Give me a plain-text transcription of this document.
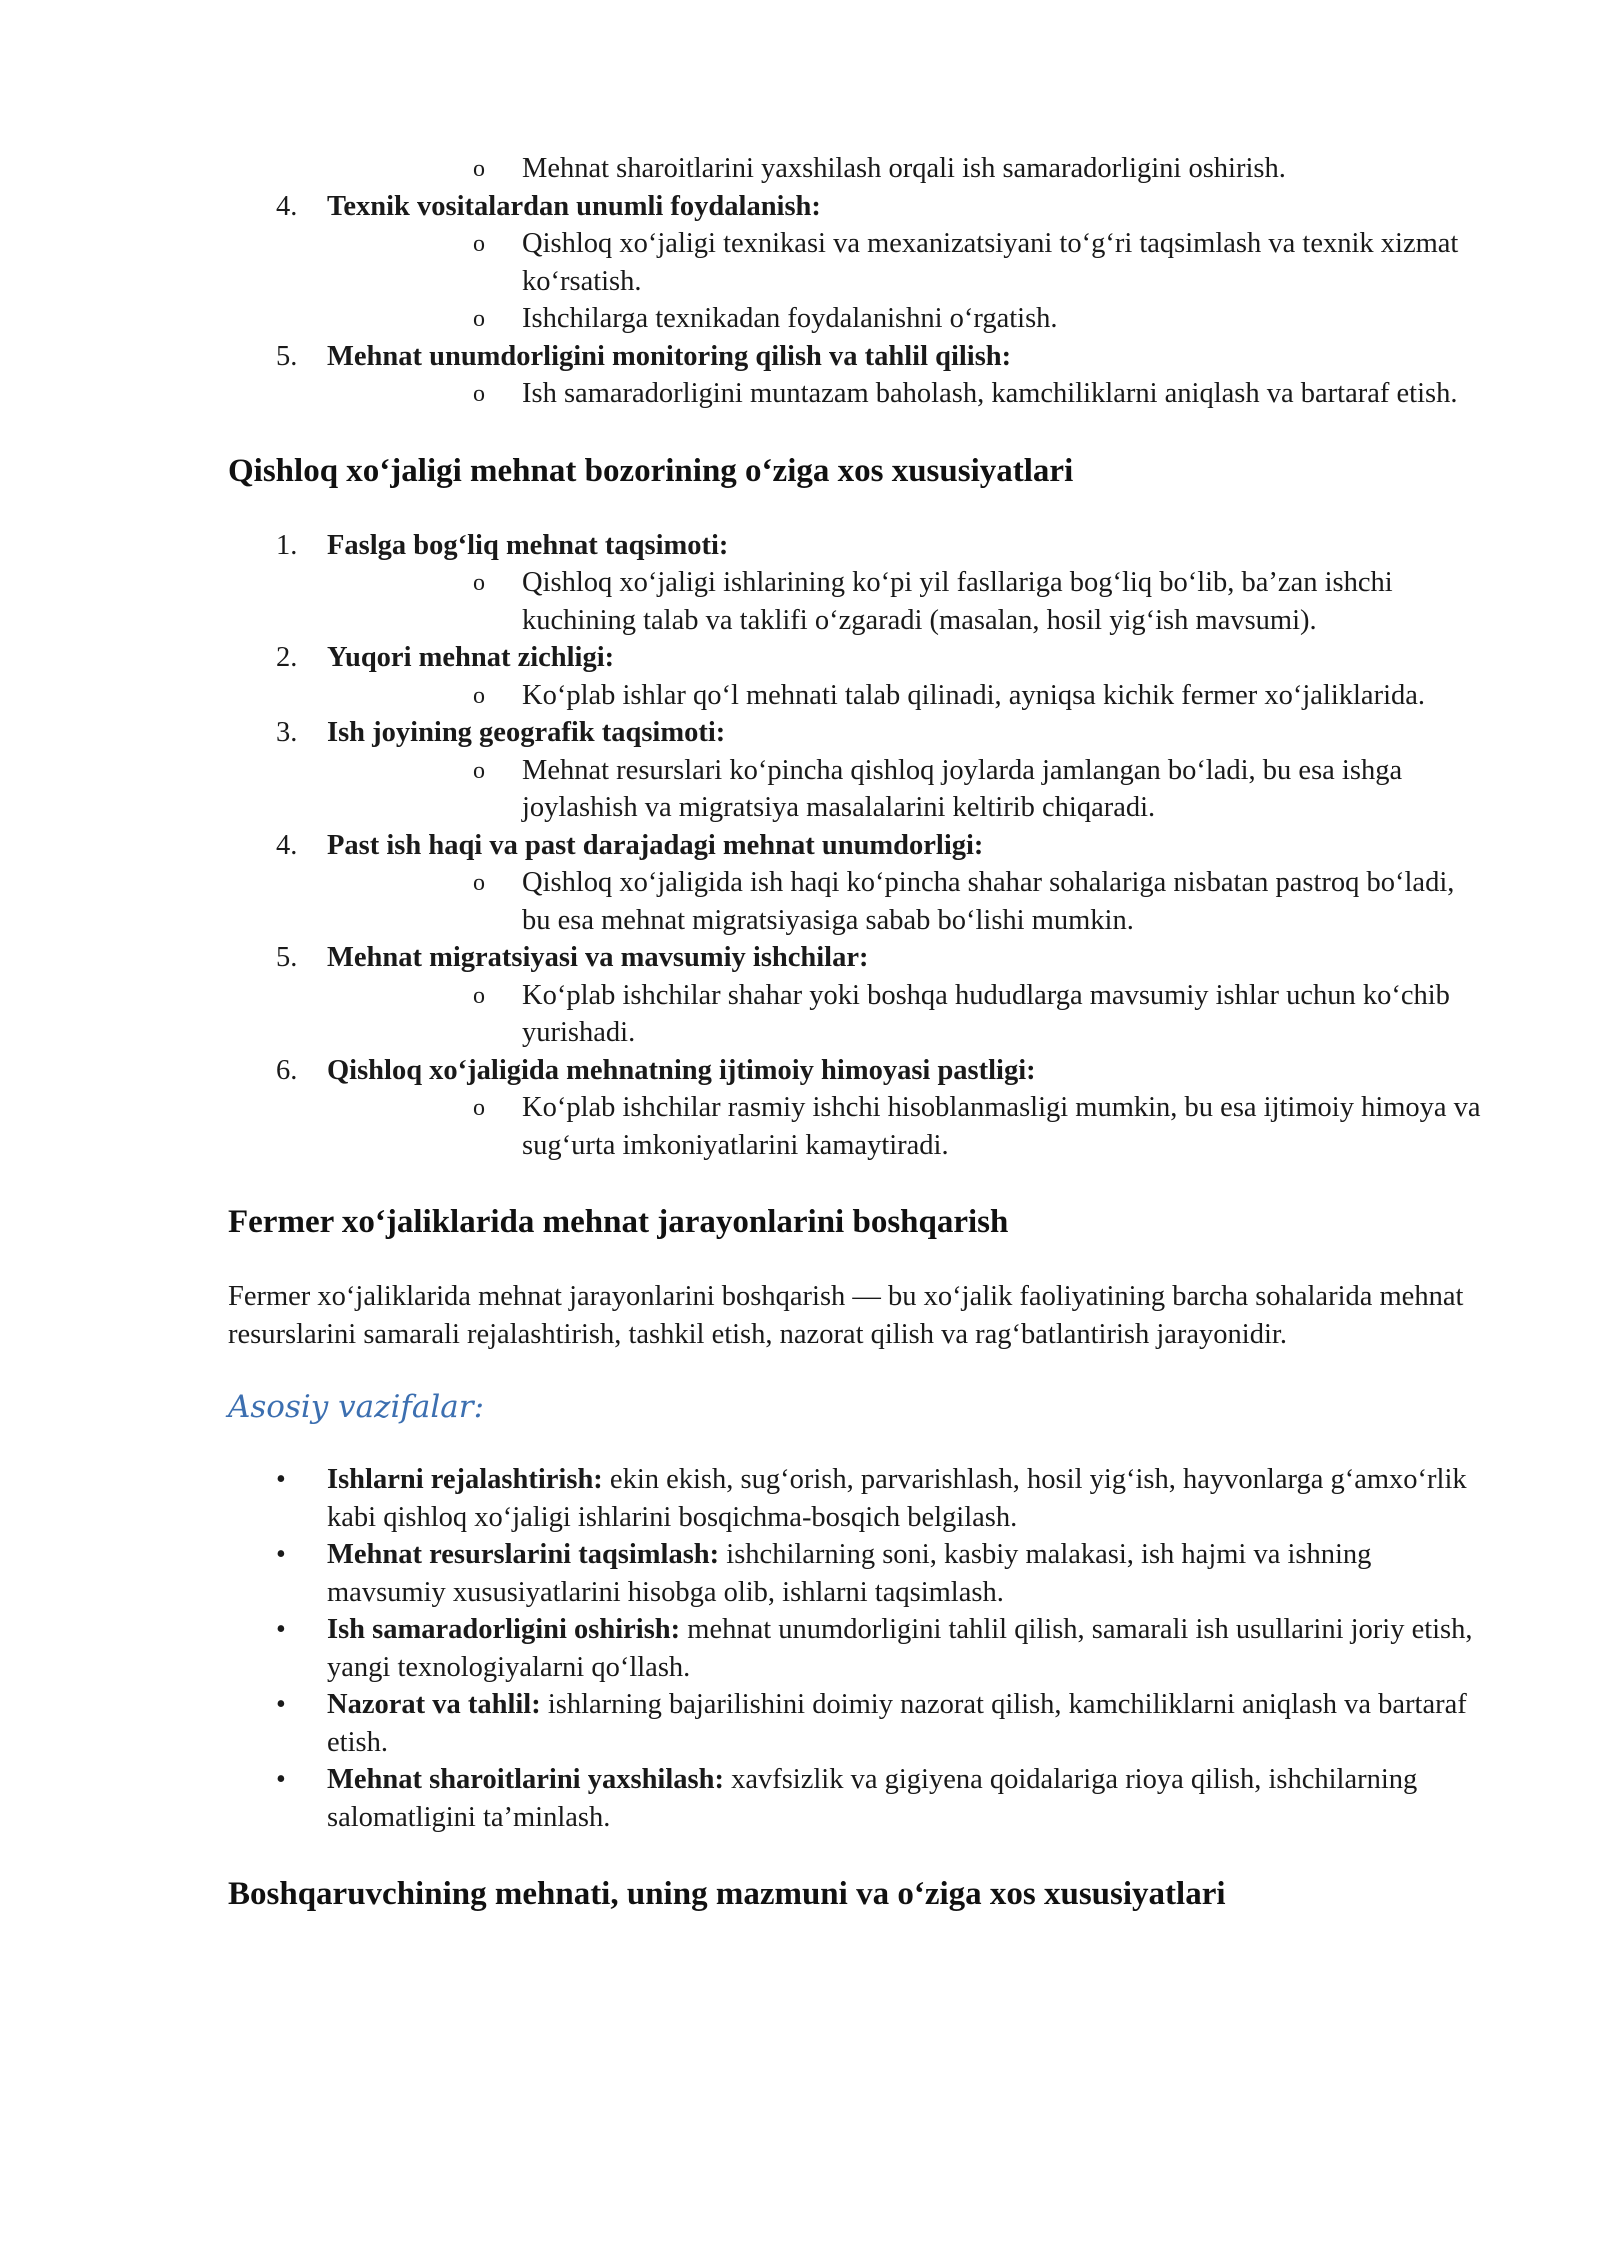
o Mehnat sharoitlarini yaxshilash orqali ish samaradorligini oshirish.
4.	Texnik vositalardan unumli foydalanish:
o Qishloq xo‘jaligi texnikasi va mexanizatsiyani to‘g‘ri taqsimlash va texnik xizmat ko‘rsatish.
o Ishchilarga texnikadan foydalanishni o‘rgatish.
5.	Mehnat unumdorligini monitoring qilish va tahlil qilish:
o Ish samaradorligini muntazam baholash, kamchiliklarni aniqlash va bartaraf etish.
Qishloq xo‘jaligi mehnat bozorining o‘ziga xos xususiyatlari
1.	Faslga bog‘liq mehnat taqsimoti:
o Qishloq xo‘jaligi ishlarining ko‘pi yil fasllariga bog‘liq bo‘lib, ba’zan ishchi kuchining talab va taklifi o‘zgaradi (masalan, hosil yig‘ish mavsumi).
2.	Yuqori mehnat zichligi:
o Ko‘plab ishlar qo‘l mehnati talab qilinadi, ayniqsa kichik fermer xo‘jaliklarida.
3.	Ish joyining geografik taqsimoti:
o Mehnat resurslari ko‘pincha qishloq joylarda jamlangan bo‘ladi, bu esa ishga joylashish va migratsiya masalalarini keltirib chiqaradi.
4.	Past ish haqi va past darajadagi mehnat unumdorligi:
o Qishloq xo‘jaligida ish haqi ko‘pincha shahar sohalariga nisbatan pastroq bo‘ladi, bu esa mehnat migratsiyasiga sabab bo‘lishi mumkin.
5.	Mehnat migratsiyasi va mavsumiy ishchilar:
o Ko‘plab ishchilar shahar yoki boshqa hududlarga mavsumiy ishlar uchun ko‘chib yurishadi.
6.	Qishloq xo‘jaligida mehnatning ijtimoiy himoyasi pastligi:
o Ko‘plab ishchilar rasmiy ishchi hisoblanmasligi mumkin, bu esa ijtimoiy himoya va sug‘urta imkoniyatlarini kamaytiradi.
Fermer xo‘jaliklarida mehnat jarayonlarini boshqarish

Fermer xo‘jaliklarida mehnat jarayonlarini boshqarish — bu xo‘jalik faoliyatining barcha sohalarida mehnat resurslarini samarali rejalashtirish, tashkil etish, nazorat qilish va rag‘batlantirish jarayonidir.

Asosiy vazifalar:
• Ishlarni rejalashtirish: ekin ekish, sug‘orish, parvarishlash, hosil yig‘ish, hayvonlarga g‘amxo‘rlik kabi qishloq xo‘jaligi ishlarini bosqichma-bosqich belgilash.
• Mehnat resurslarini taqsimlash: ishchilarning soni, kasbiy malakasi, ish hajmi va ishning mavsumiy xususiyatlarini hisobga olib, ishlarni taqsimlash.
• Ish samaradorligini oshirish: mehnat unumdorligini tahlil qilish, samarali ish usullarini joriy etish, yangi texnologiyalarni qo‘llash.
• Nazorat va tahlil: ishlarning bajarilishini doimiy nazorat qilish, kamchiliklarni aniqlash va bartaraf etish.
• Mehnat sharoitlarini yaxshilash: xavfsizlik va gigiyena qoidalariga rioya qilish, ishchilarning salomatligini ta’minlash.
Boshqaruvchining mehnati, uning mazmuni va o‘ziga xos xususiyatlari
